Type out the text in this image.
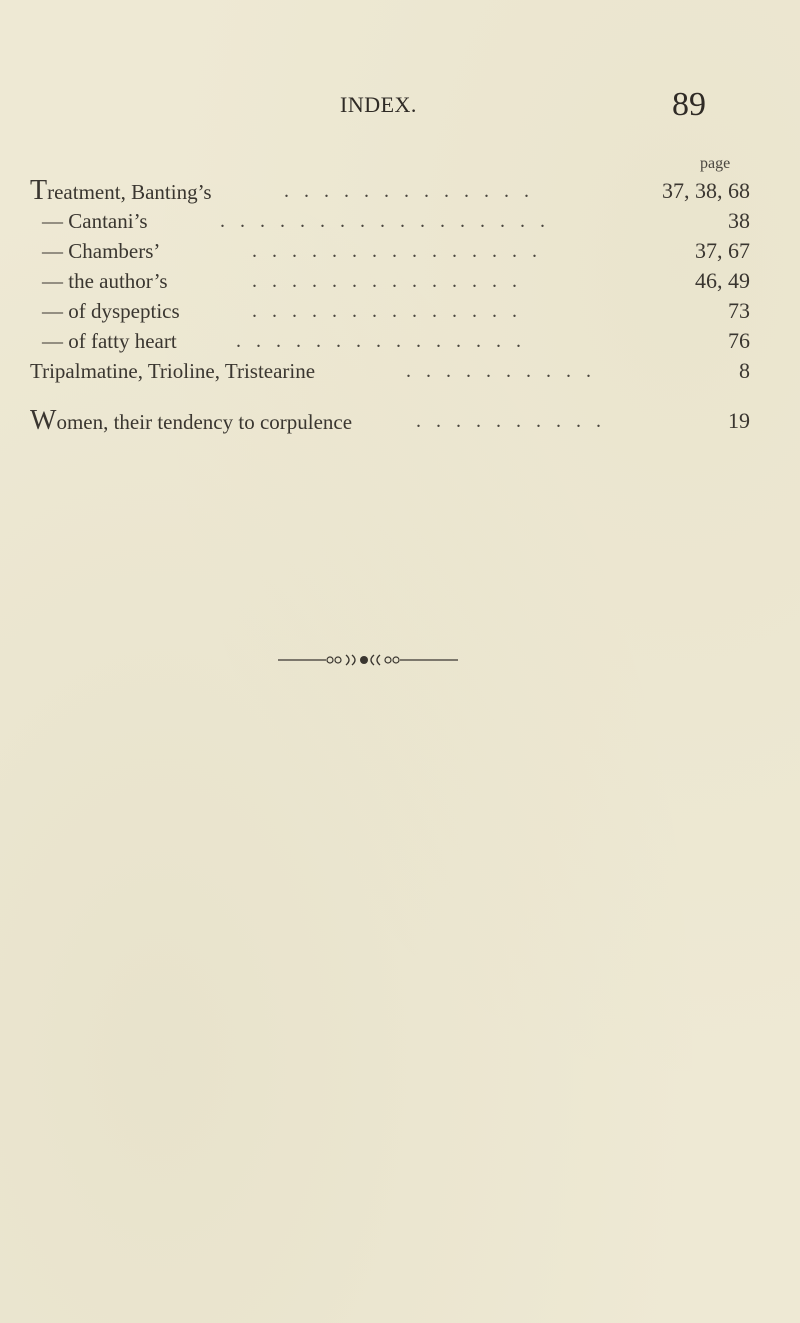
INDEX.	89
page
Treatment, Banting’s	. . . . . . . . . . . . .	37, 38, 68
— Cantani’s	. . . . . . . . . . . . . . . . .	38
— Chambers’	. . . . . . . . . . . . . . .	37, 67
— the author’s	. . . . . . . . . . . . . .	46, 49
— of dyspeptics	. . . . . . . . . . . . . .	73
— of fatty heart	. . . . . . . . . . . . . . .	76
Tripalmatine, Trioline, Tristearine	. . . . . . . . . .	8
Women, their tendency to corpulence	. . . . . . . . . .	19
